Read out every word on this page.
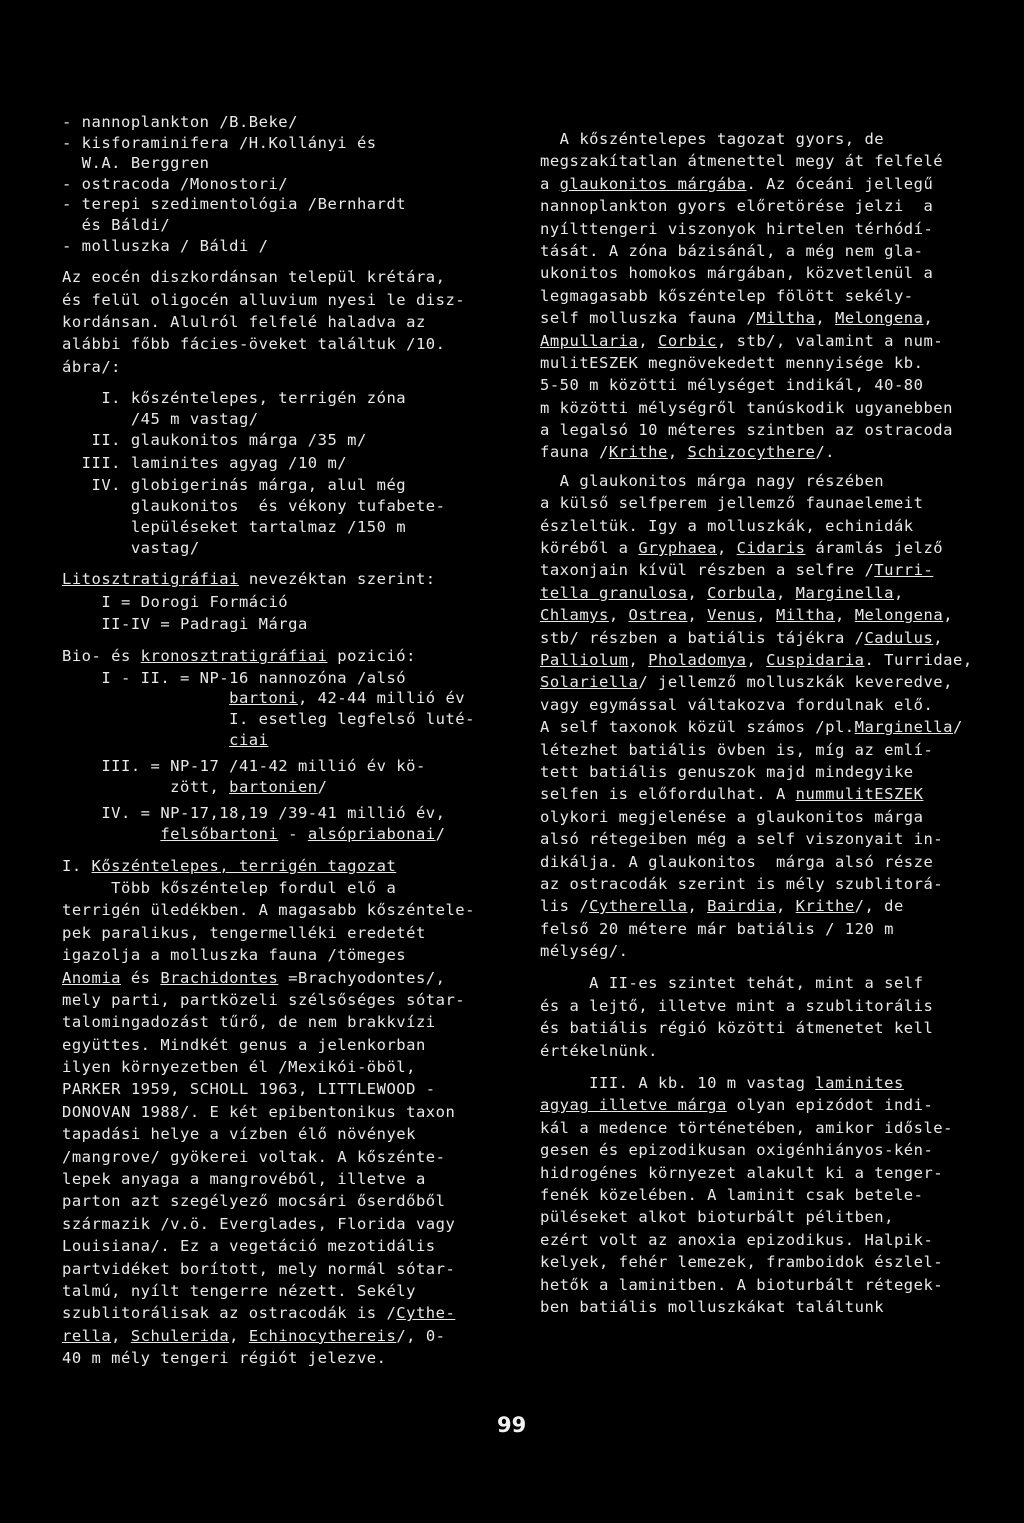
- nannoplankton /B.Beke/
- kisforaminifera /H.Kollányi és
W.A. Berggren
- ostracoda /Monostori/
- terepi szedimentológia /Bernhardt
és Báldi/
- molluszka / Báldi /
Az eocén diszkordánsan települ krétára,
és felül oligocén alluvium nyesi le disz-
kordánsan. Alulról felfelé haladva az
alábbi főbb fácies-öveket találtuk /10.
ábra/:
I. kőszéntelepes, terrigén zóna
/45 m vastag/
II. glaukonitos márga /35 m/
III. laminites agyag /10 m/
IV. globigerinás márga, alul még
glaukonitos  és vékony tufabete-
lepüléseket tartalmaz /150 m
vastag/
Litosztratigráfiai nevezéktan szerint:
I = Dorogi Formáció
II-IV = Padragi Márga
Bio- és kronosztratigráfiai pozició:
I - II. = NP-16 nannozóna /alsó
bartoni, 42-44 millió év
I. esetleg legfelső luté-
ciai
III. = NP-17 /41-42 millió év kö-
zött, bartonien/
IV. = NP-17,18,19 /39-41 millió év,
felsőbartoni - alsópriabonai/
I. Kőszéntelepes, terrigén tagozat
Több kőszéntelep fordul elő a
terrigén üledékben. A magasabb kőszéntele-
pek paralikus, tengermelléki eredetét
igazolja a molluszka fauna /tömeges
Anomia és Brachidontes =Brachyodontes/,
mely parti, partközeli szélsőséges sótar-
talomingadozást tűrő, de nem brakkvízi
együttes. Mindkét genus a jelenkorban
ilyen környezetben él /Mexikói-öböl,
PARKER 1959, SCHOLL 1963, LITTLEWOOD -
DONOVAN 1988/. E két epibentonikus taxon
tapadási helye a vízben élő növények
/mangrove/ gyökerei voltak. A kőszénte-
lepek anyaga a mangrovéból, illetve a
parton azt szegélyező mocsári őserdőből
származik /v.ö. Everglades, Florida vagy
Louisiana/. Ez a vegetáció mezotidális
partvidéket borított, mely normál sótar-
talmú, nyílt tengerre nézett. Sekély
szublitorálisak az ostracodák is /Cythe-
rella, Schulerida, Echinocythereis/, 0-
40 m mély tengeri régiót jelezve.
A kőszéntelepes tagozat gyors, de
megszakítatlan átmenettel megy át felfelé
a glaukonitos márgába. Az óceáni jellegű
nannoplankton gyors előretörése jelzi  a
nyílttengeri viszonyok hirtelen térhódí-
tását. A zóna bázisánál, a még nem gla-
ukonitos homokos márgában, közvetlenül a
legmagasabb kőszéntelep fölött sekély-
self molluszka fauna /Miltha, Melongena,
Ampullaria, Corbic, stb/, valamint a num-
mulitESZEK megnövekedett mennyisége kb.
5-50 m közötti mélységet indikál, 40-80
m közötti mélységről tanúskodik ugyanebben
a legalsó 10 méteres szintben az ostracoda
fauna /Krithe, Schizocythere/.
A glaukonitos márga nagy részében
a külső selfperem jellemző faunaelemeit
észleltük. Igy a molluszkák, echinidák
köréből a Gryphaea, Cidaris áramlás jelző
taxonjain kívül részben a selfre /Turri-
tella granulosa, Corbula, Marginella,
Chlamys, Ostrea, Venus, Miltha, Melongena,
stb/ részben a batiális tájékra /Cadulus,
Palliolum, Pholadomya, Cuspidaria. Turridae,
Solariella/ jellemző molluszkák keveredve,
vagy egymással váltakozva fordulnak elő.
A self taxonok közül számos /pl.Marginella/
létezhet batiális övben is, míg az emlí-
tett batiális genuszok majd mindegyike
selfen is előfordulhat. A nummulitESZEK
olykori megjelenése a glaukonitos márga
alsó rétegeiben még a self viszonyait in-
dikálja. A glaukonitos  márga alsó része
az ostracodák szerint is mély szublitorá-
lis /Cytherella, Bairdia, Krithe/, de
felső 20 métere már batiális / 120 m
mélység/.
A II-es szintet tehát, mint a self
és a lejtő, illetve mint a szublitorális
és batiális régió közötti átmenetet kell
értékelnünk.
III. A kb. 10 m vastag laminites
agyag illetve márga olyan epizódot indi-
kál a medence történetében, amikor idősle-
gesen és epizodikusan oxigénhiányos-kén-
hidrogénes környezet alakult ki a tenger-
fenék közelében. A laminit csak betele-
püléseket alkot bioturbált pélitben,
ezért volt az anoxia epizodikus. Halpik-
kelyek, fehér lemezek, framboidok észlel-
hetők a laminitben. A bioturbált rétegek-
ben batiális molluszkákat találtunk
99
